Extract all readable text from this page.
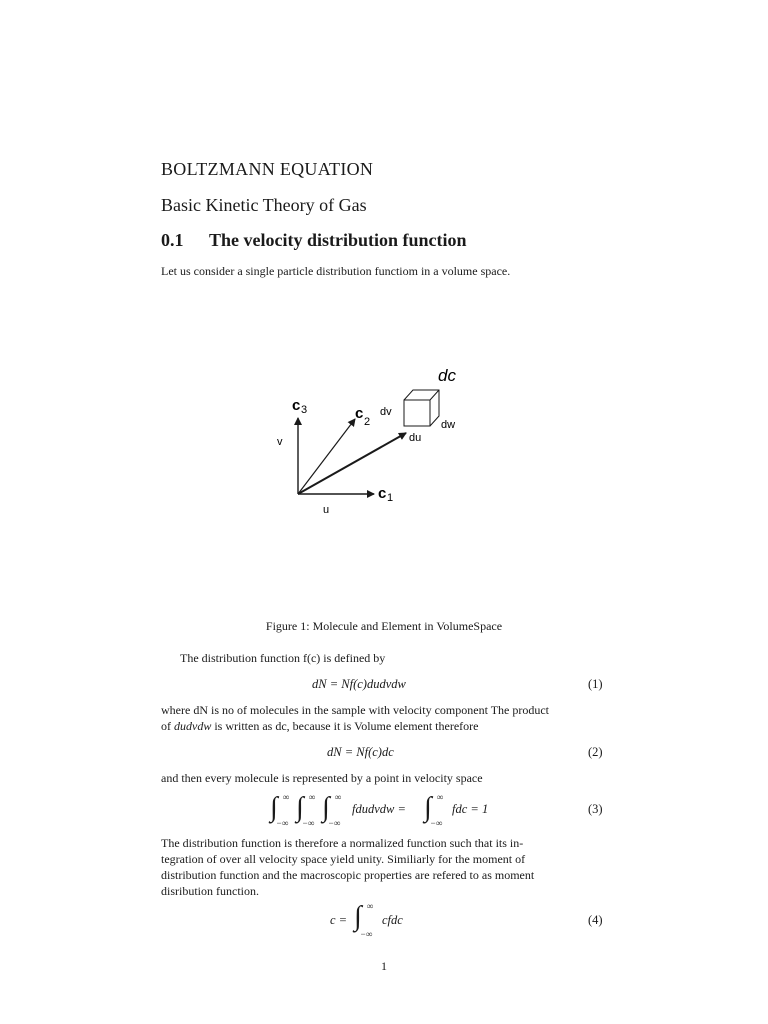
BOLTZMANN EQUATION
Basic Kinetic Theory of Gas
0.1 The velocity distribution function
Let us consider a single particle distribution functiom in a volume space.
dc
c 3	c 2
c 1
dv
dw
du
v
u
Figure 1: Molecule and Element in VolumeSpace
The distribution function f(c) is defined by
dN = Nf(c)dudvdw	(1)
where dN is no of molecules in the sample with velocity component The product
of dudvdw is written as dc, because it is Volume element therefore
dN = Nf(c)dc	(2)
and then every molecule is represented by a point in velocity space
∫ ∞
−∞ ∫ ∞
−∞ ∫ ∞
−∞
fdudvdw = ∫ ∞
−∞
fdc = 1	(3)
The distribution function is therefore a normalized function such that its in-
tegration of over all velocity space yield unity. Similiarly for the moment of
distribution function and the macroscopic properties are refered to as moment
disribution function.
c = ∫ ∞
−∞
cfdc	(4)
1
